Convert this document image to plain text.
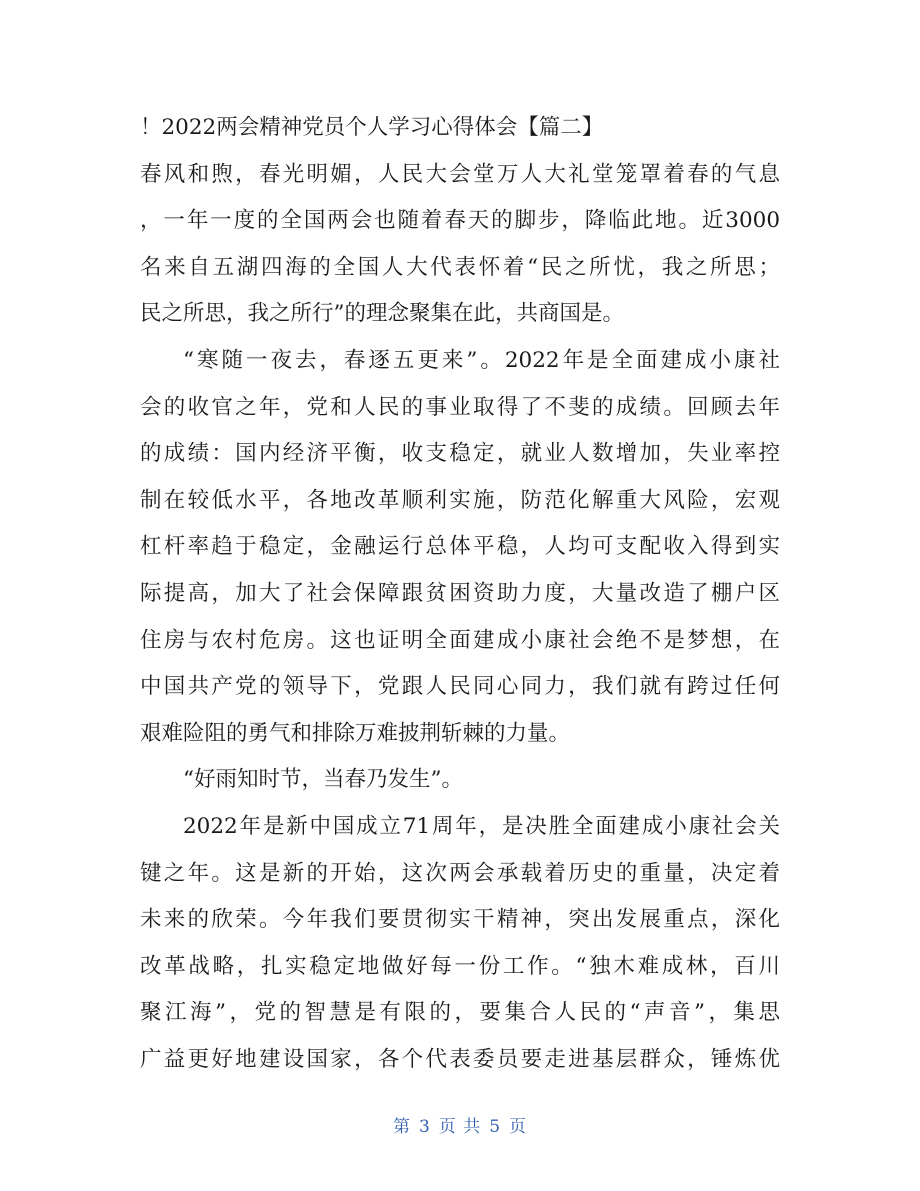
！2022两会精神党员个人学习心得体会【篇二】
春风和煦，春光明媚，人民大会堂万人大礼堂笼罩着春的气息
，一年一度的全国两会也随着春天的脚步，降临此地。近3000
名来自五湖四海的全国人大代表怀着“民之所忧，我之所思；
民之所思，我之所行”的理念聚集在此，共商国是。
“寒随一夜去，春逐五更来”。2022年是全面建成小康社
会的收官之年，党和人民的事业取得了不斐的成绩。回顾去年
的成绩：国内经济平衡，收支稳定，就业人数增加，失业率控
制在较低水平，各地改革顺利实施，防范化解重大风险，宏观
杠杆率趋于稳定，金融运行总体平稳，人均可支配收入得到实
际提高，加大了社会保障跟贫困资助力度，大量改造了棚户区
住房与农村危房。这也证明全面建成小康社会绝不是梦想，在
中国共产党的领导下，党跟人民同心同力，我们就有跨过任何
艰难险阻的勇气和排除万难披荆斩棘的力量。
“好雨知时节，当春乃发生”。
2022年是新中国成立71周年，是决胜全面建成小康社会关
键之年。这是新的开始，这次两会承载着历史的重量，决定着
未来的欣荣。今年我们要贯彻实干精神，突出发展重点，深化
改革战略，扎实稳定地做好每一份工作。“独木难成林，百川
聚江海”，党的智慧是有限的，要集合人民的“声音”，集思
广益更好地建设国家，各个代表委员要走进基层群众，锤炼优
第 3 页 共 5 页
